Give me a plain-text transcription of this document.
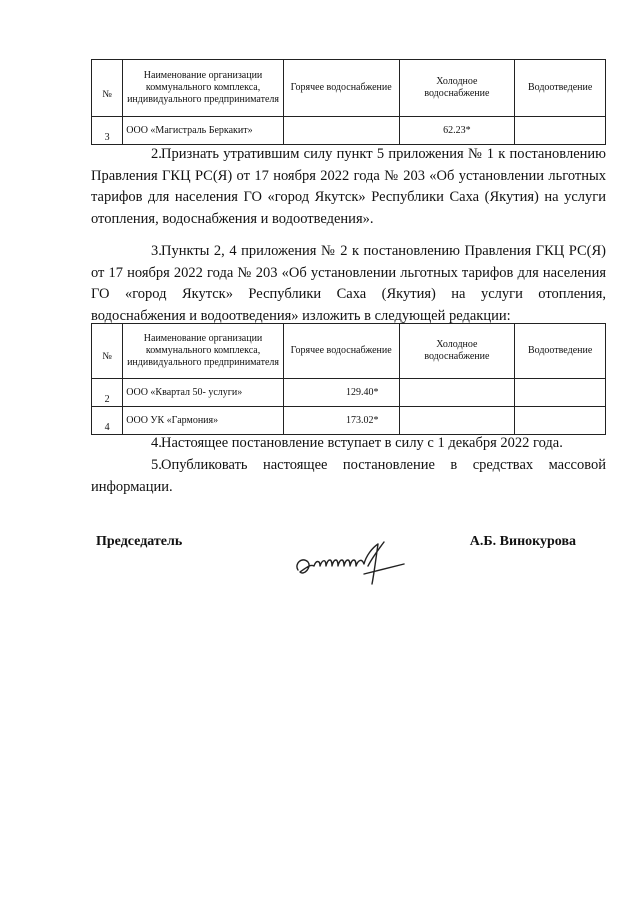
№	Наименование организации коммунального комплекса, индивидуального предпринимателя	Горячее водоснабжение	Холодное водоснабжение	Водоотведение
3	ООО «Магистраль Беркакит»		62.23*	

2.Признать утратившим силу пункт 5 приложения № 1 к постановлению Правления ГКЦ РС(Я) от 17 ноября 2022 года № 203 «Об установлении льготных тарифов для населения ГО «город Якутск» Республики Саха (Якутия) на услуги отопления, водоснабжения и водоотведения».

3.Пункты 2, 4 приложения № 2 к постановлению Правления ГКЦ РС(Я) от 17 ноября 2022 года № 203 «Об установлении льготных тарифов для населения ГО «город Якутск» Республики Саха (Якутия) на услуги отопления, водоснабжения и водоотведения» изложить в следующей редакции:

№	Наименование организации коммунального комплекса, индивидуального предпринимателя	Горячее водоснабжение	Холодное водоснабжение	Водоотведение
2	ООО «Квартал 50- услуги»	129.40*		
4	ООО УК «Гармония»	173.02*		

4.Настоящее постановление вступает в силу с 1 декабря 2022 года.

5.Опубликовать настоящее постановление в средствах массовой информации.

Председатель	А.Б. Винокурова
